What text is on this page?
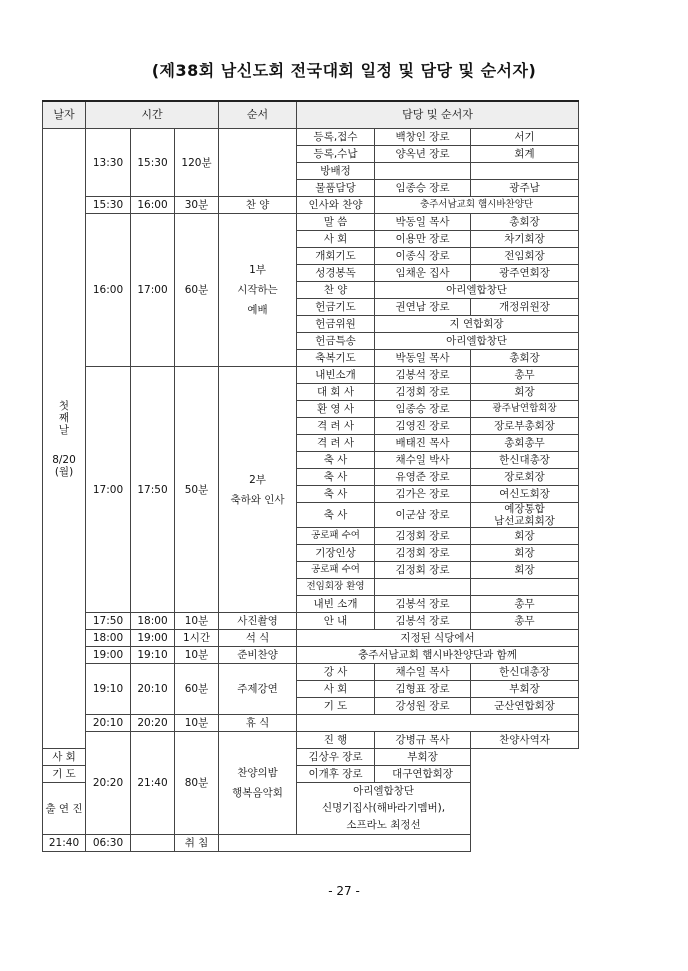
(제38회 남신도회 전국대회 일정 및 담당 및 순서자)
날자	시간			순서	담당 및 순서자		

첫
째
날
8/20
(월)	13:30	15:30	120분		등록,접수	백창인 장로	서기
					등록,수납	양옥년 장로	회계
					방배정		
					물품담당	임종승 장로	광주남
	15:30	16:00	30분	찬 양	인사와 찬양	충주서남교회 햄시바찬양단	
	16:00	17:00	60분	1부
시작하는
예배	말 씀	박동일 목사	총회장
					사 회	이용만 장로	차기회장
					개회기도	이종식 장로	전임회장
					성경봉독	임채운 집사	광주연회장
					찬 양	아리엘합창단	
					헌금기도	권연남 장로	개정위원장
					헌금위원	지 연합회장	
					헌금특송	아리엘합창단	
					축복기도	박동일 목사	총회장
	17:00	17:50	50분	2부
축하와 인사	내빈소개	김봉석 장로	총무
					대 회 사	김정회 장로	회장
					환 영 사	임종승 장로	광주남연합회장
					격 려 사	김영진 장로	장로부총회장
					격 려 사	배태진 목사	총회총무
					축 사	채수일 박사	한신대총장
					축 사	유영준 장로	장로회장
					축 사	김가은 장로	여신도회장
					축 사	이군삼 장로	예장통합
남선교회회장

					공로패 수여	김정회 장로	회장
					기장인상	김정회 장로	회장
					공로패 수여	김정회 장로	회장
					전임회장 환영		
					내빈 소개	김봉석 장로	총무
	17:50	18:00	10분	사진촬영	안 내	김봉석 장로	총무
	18:00	19:00	1시간	석 식	지정된 식당에서		
	19:00	19:10	10분	준비찬양	충주서남교회 햄시바찬양단과 함께		
	19:10	20:10	60분	주제강연	강 사	채수일 목사	한신대총장
					사 회	김형표 장로	부회장
					기 도	강성원 장로	군산연합회장
	20:10	20:20	10분	휴 식			
	20:20	21:40	80분	찬양의밤
행복음악회	진 행	강병규 목사	찬양사역자
사 회					김상우 장로	부회장	
기 도					이개후 장로	대구연합회장	
출 연 진					아리엘합창단
신명기집사(해바라기멤버),
소프라노 최정선		

21:40	06:30		취 침				
- 27 -
